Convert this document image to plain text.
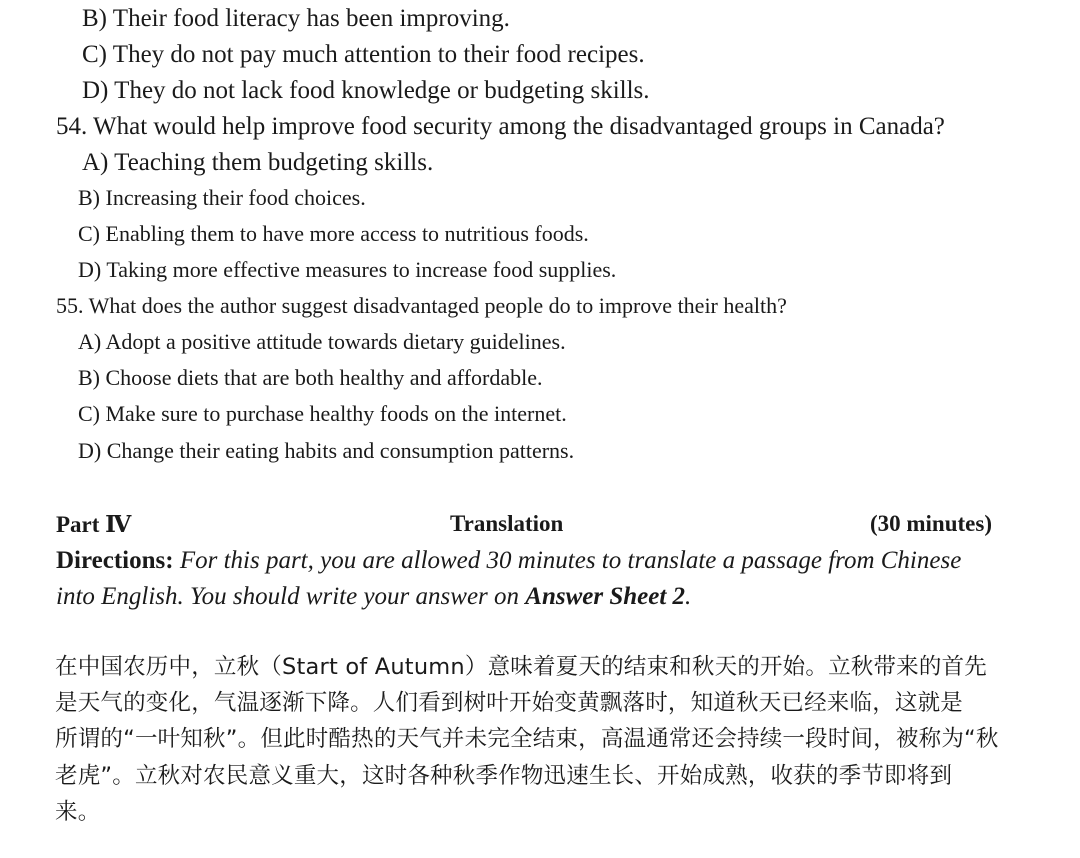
B) Their food literacy has been improving.
C) They do not pay much attention to their food recipes.
D) They do not lack food knowledge or budgeting skills.
54. What would help improve food security among the disadvantaged groups in Canada?
A) Teaching them budgeting skills.
B) Increasing their food choices.
C) Enabling them to have more access to nutritious foods.
D) Taking more effective measures to increase food supplies.
55. What does the author suggest disadvantaged people do to improve their health?
A) Adopt a positive attitude towards dietary guidelines.
B) Choose diets that are both healthy and affordable.
C) Make sure to purchase healthy foods on the internet.
D) Change their eating habits and consumption patterns.
Part Ⅳ	Translation	(30 minutes)
Directions: For this part, you are allowed 30 minutes to translate a passage from Chinese
into English. You should write your answer on Answer Sheet 2.
在中国农历中，立秋（Start of Autumn）意味着夏天的结束和秋天的开始。立秋带来的首先
是天气的变化，气温逐渐下降。人们看到树叶开始变黄飘落时，知道秋天已经来临，这就是
所谓的“一叶知秋”。但此时酷热的天气并未完全结束，高温通常还会持续一段时间，被称为“秋
老虎”。立秋对农民意义重大，这时各种秋季作物迅速生长、开始成熟，收获的季节即将到
来。
